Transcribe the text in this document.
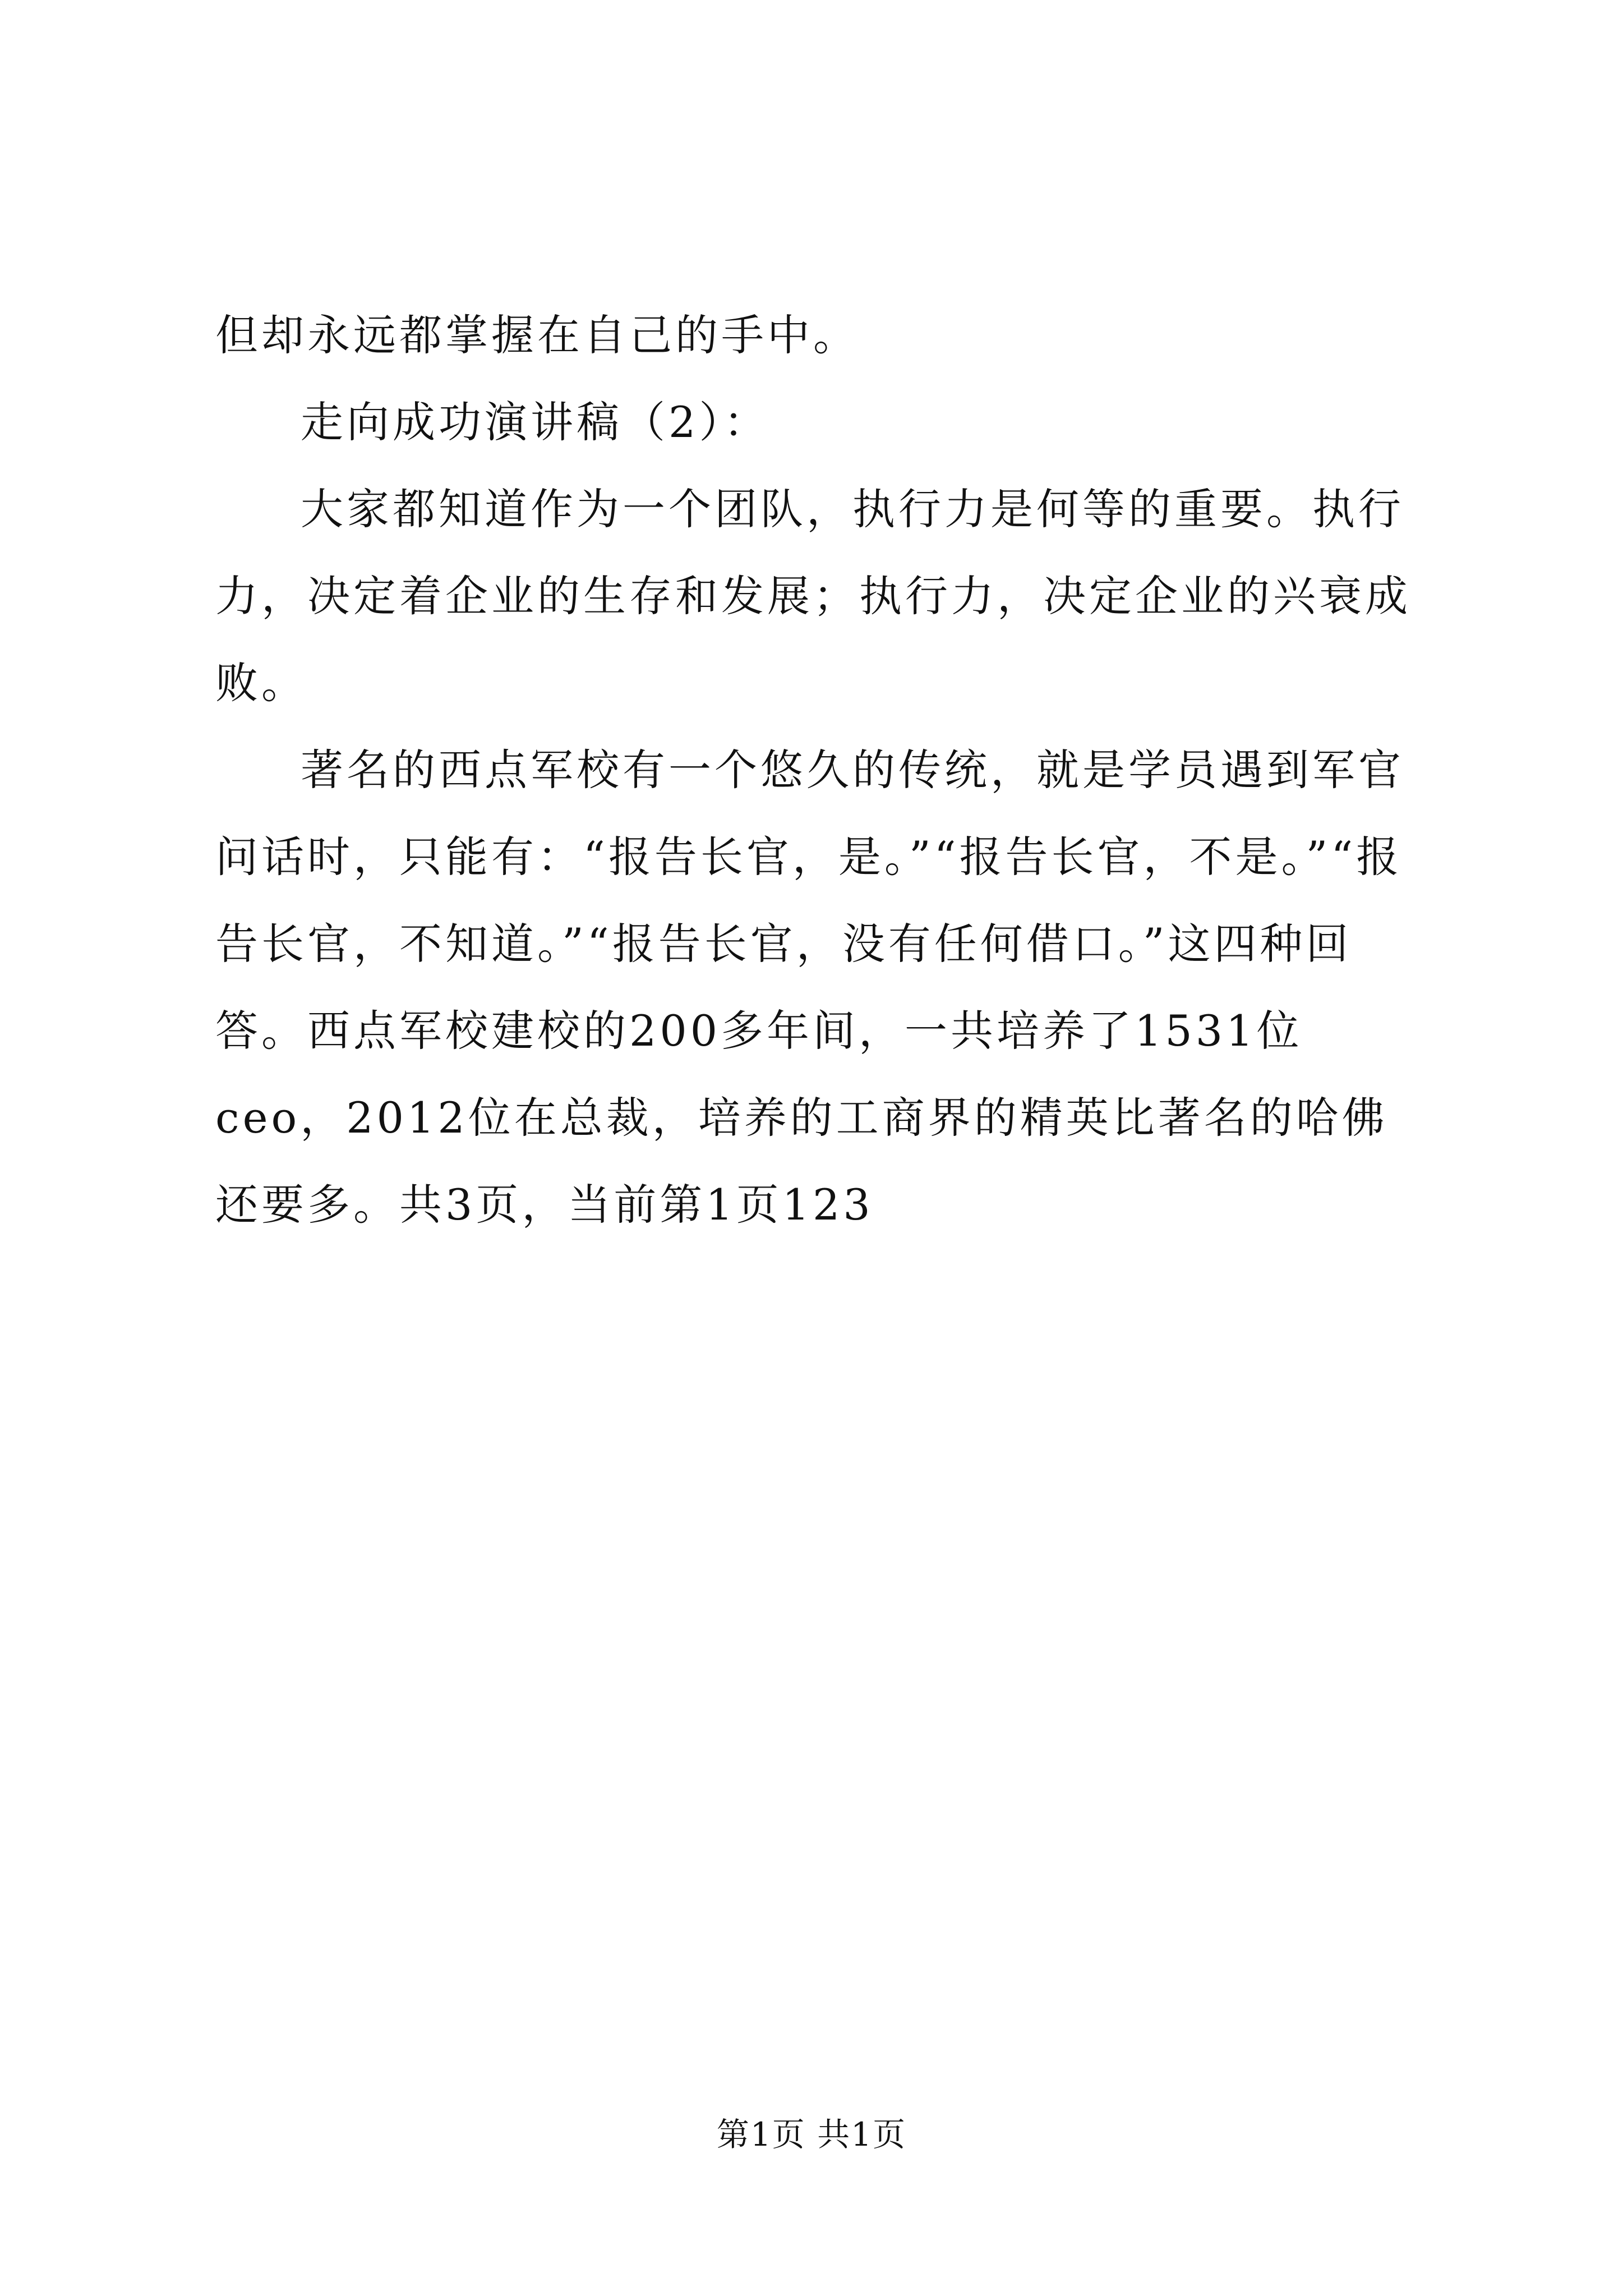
但却永远都掌握在自己的手中。

走向成功演讲稿（2）：

大家都知道作为一个团队，执行力是何等的重要。执行力，决定着企业的生存和发展；执行力，决定企业的兴衰成败。

著名的西点军校有一个悠久的传统，就是学员遇到军官问话时，只能有：“报告长官，是。”“报告长官，不是。”“报告长官，不知道。”“报告长官，没有任何借口。”这四种回答。西点军校建校的200多年间，一共培养了1531位ceo，2012位在总裁，培养的工商界的精英比著名的哈佛还要多。共3页，当前第1页123

第1页 共1页
